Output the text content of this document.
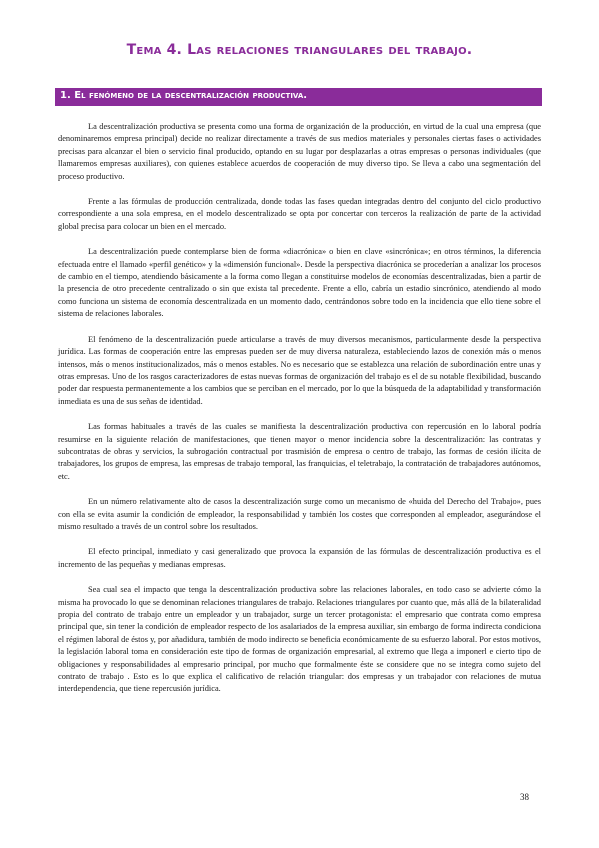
Tema 4. Las relaciones triangulares del trabajo.
1. El fenómeno de la descentralización productiva.

La descentralización productiva se presenta como una forma de organización de la producción, en virtud de la cual una empresa (que denominaremos empresa principal) decide no realizar directamente a través de sus medios materiales y personales ciertas fases o actividades precisas para alcanzar el bien o servicio final producido, optando en su lugar por desplazarlas a otras empresas o personas individuales (que llamaremos empresas auxiliares), con quienes establece acuerdos de cooperación de muy diverso tipo. Se lleva a cabo una segmentación del proceso productivo.

Frente a las fórmulas de producción centralizada, donde todas las fases quedan integradas dentro del conjunto del ciclo productivo correspondiente a una sola empresa, en el modelo descentralizado se opta por concertar con terceros la realización de parte de la actividad global precisa para colocar un bien en el mercado.

La descentralización puede contemplarse bien de forma «diacrónica» o bien en clave «sincrónica»; en otros términos, la diferencia efectuada entre el llamado «perfil genético» y la «dimensión funcional». Desde la perspectiva diacrónica se procederían a analizar los procesos de cambio en el tiempo, atendiendo básicamente a la forma como llegan a constituirse modelos de economías descentralizadas, bien a partir de la presencia de otro precedente centralizado o sin que exista tal precedente. Frente a ello, cabría un estadio sincrónico, atendiendo al modo como funciona un sistema de economía descentralizada en un momento dado, centrándonos sobre todo en la incidencia que ello tiene sobre el sistema de relaciones laborales.

El fenómeno de la descentralización puede articularse a través de muy diversos mecanismos, particularmente desde la perspectiva jurídica. Las formas de cooperación entre las empresas pueden ser de muy diversa naturaleza, estableciendo lazos de conexión más o menos intensos, más o menos institucionalizados, más o menos estables. No es necesario que se establezca una relación de subordinación entre unas y otras empresas. Uno de los rasgos caracterizadores de estas nuevas formas de organización del trabajo es el de su notable flexibilidad, buscando poder dar respuesta permanentemente a los cambios que se perciban en el mercado, por lo que la búsqueda de la adaptabilidad y transformación inmediata es una de sus señas de identidad.

Las formas habituales a través de las cuales se manifiesta la descentralización productiva con repercusión en lo laboral podría resumirse en la siguiente relación de manifestaciones, que tienen mayor o menor incidencia sobre la descentralización: las contratas y subcontratas de obras y servicios, la subrogación contractual por trasmisión de empresa o centro de trabajo, las formas de cesión ilícita de trabajadores, los grupos de empresa, las empresas de trabajo temporal, las franquicias, el teletrabajo, la contratación de trabajadores autónomos, etc.

En un número relativamente alto de casos la descentralización surge como un mecanismo de «huida del Derecho del Trabajo», pues con ella se evita asumir la condición de empleador, la responsabilidad y también los costes que corresponden al empleador, asegurándose el mismo resultado a través de un control sobre los resultados.

El efecto principal, inmediato y casi generalizado que provoca la expansión de las fórmulas de descentralización productiva es el incremento de las pequeñas y medianas empresas.

Sea cual sea el impacto que tenga la descentralización productiva sobre las relaciones laborales, en todo caso se advierte cómo la misma ha provocado lo que se denominan relaciones triangulares de trabajo. Relaciones triangulares por cuanto que, más allá de la bilateralidad propia del contrato de trabajo entre un empleador y un trabajador, surge un tercer protagonista: el empresario que contrata como empresa principal que, sin tener la condición de empleador respecto de los asalariados de la empresa auxiliar, sin embargo de forma indirecta condiciona el régimen laboral de éstos y, por añadidura, también de modo indirecto se beneficia económicamente de su esfuerzo laboral. Por estos motivos, la legislación laboral toma en consideración este tipo de formas de organización empresarial, al extremo que llega a imponerl e cierto tipo de obligaciones y responsabilidades al empresario principal, por mucho que formalmente éste se considere que no se integra como sujeto del contrato de trabajo . Esto es lo que explica el calificativo de relación triangular: dos empresas y un trabajador con relaciones de mutua interdependencia, que tiene repercusión jurídica.

38
